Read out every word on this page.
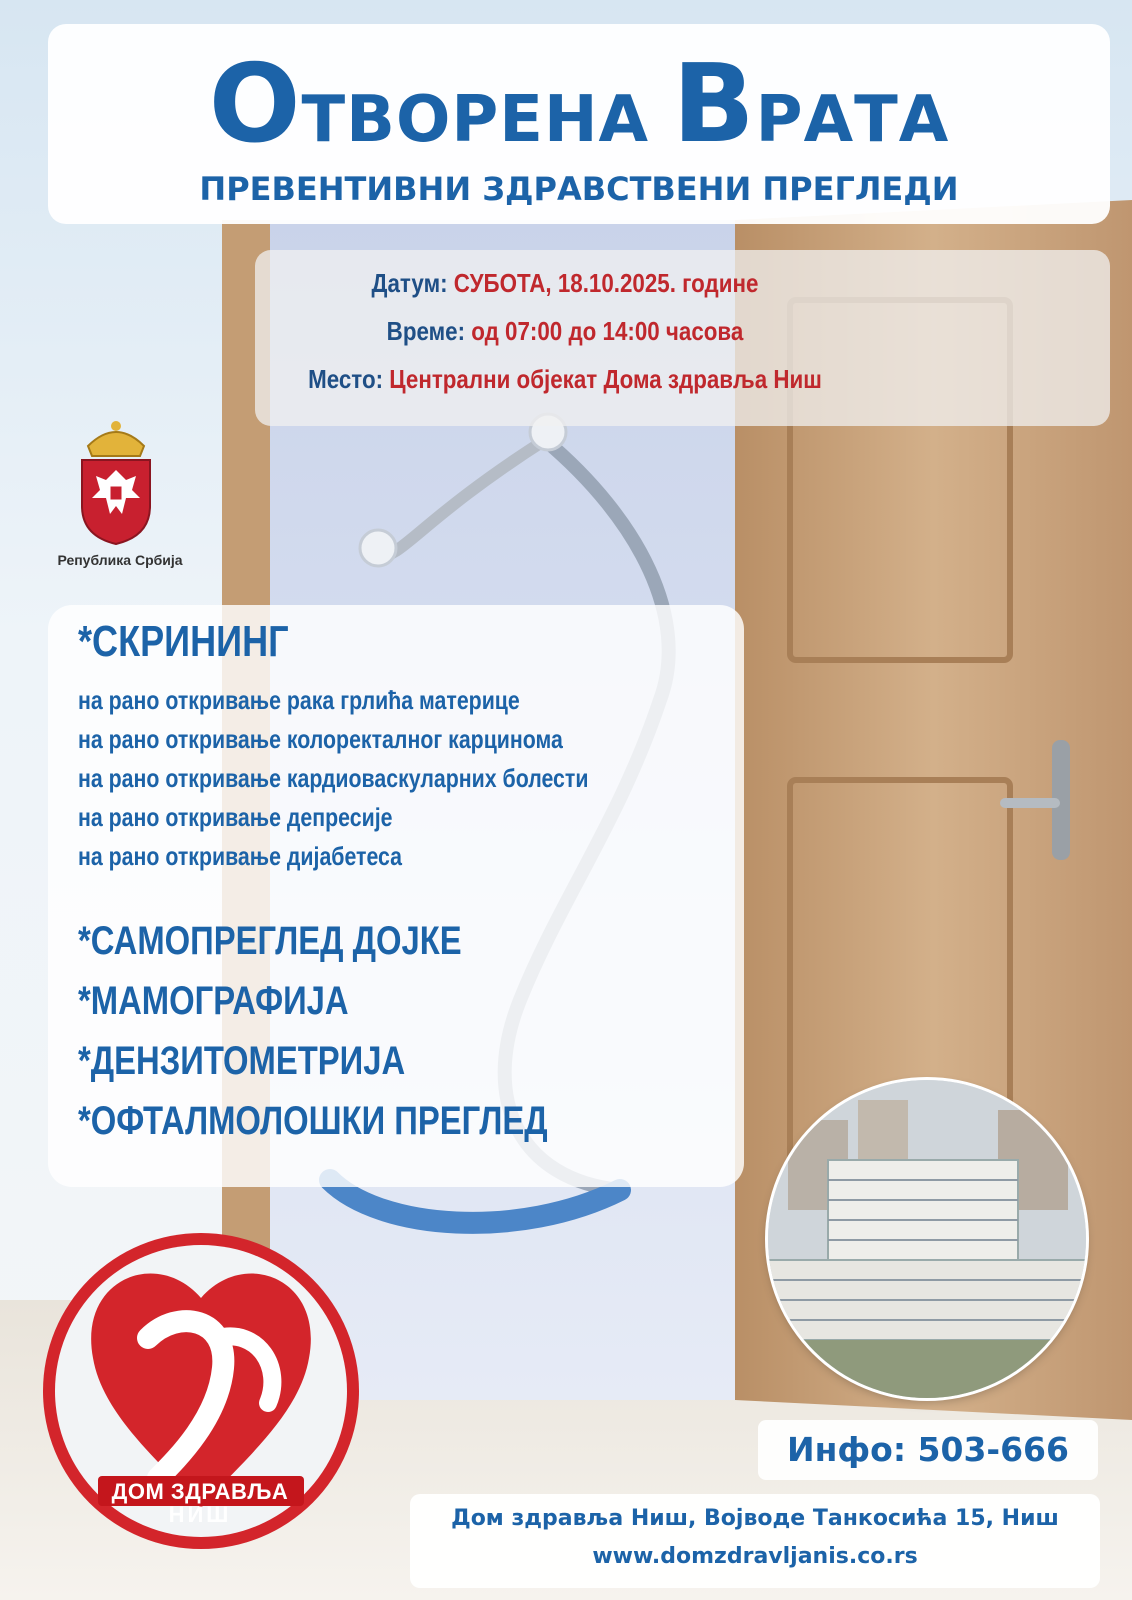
ОТВОРЕНА ВРАТА
ПРЕВЕНТИВНИ ЗДРАВСТВЕНИ ПРЕГЛЕДИ
Датум: СУБОТА, 18.10.2025. године
Време: од 07:00 до 14:00 часова
Место: Централни објекат Дома здравља Ниш
Република Србија
*СКРИНИНГ
на рано откривање рака грлића материце
на рано откривање колоректалног карцинома
на рано откривање кардиоваскуларних болести
на рано откривање депресије
на рано откривање дијабетеса
*САМОПРЕГЛЕД ДОЈКЕ
*МАМОГРАФИЈА
*ДЕНЗИТОМЕТРИЈА
*ОФТАЛМОЛОШКИ ПРЕГЛЕД
ДОМ ЗДРАВЉА
НИШ
Инфо: 503-666
Дом здравља Ниш, Војводе Танкосића 15, Ниш
www.domzdravljanis.co.rs
